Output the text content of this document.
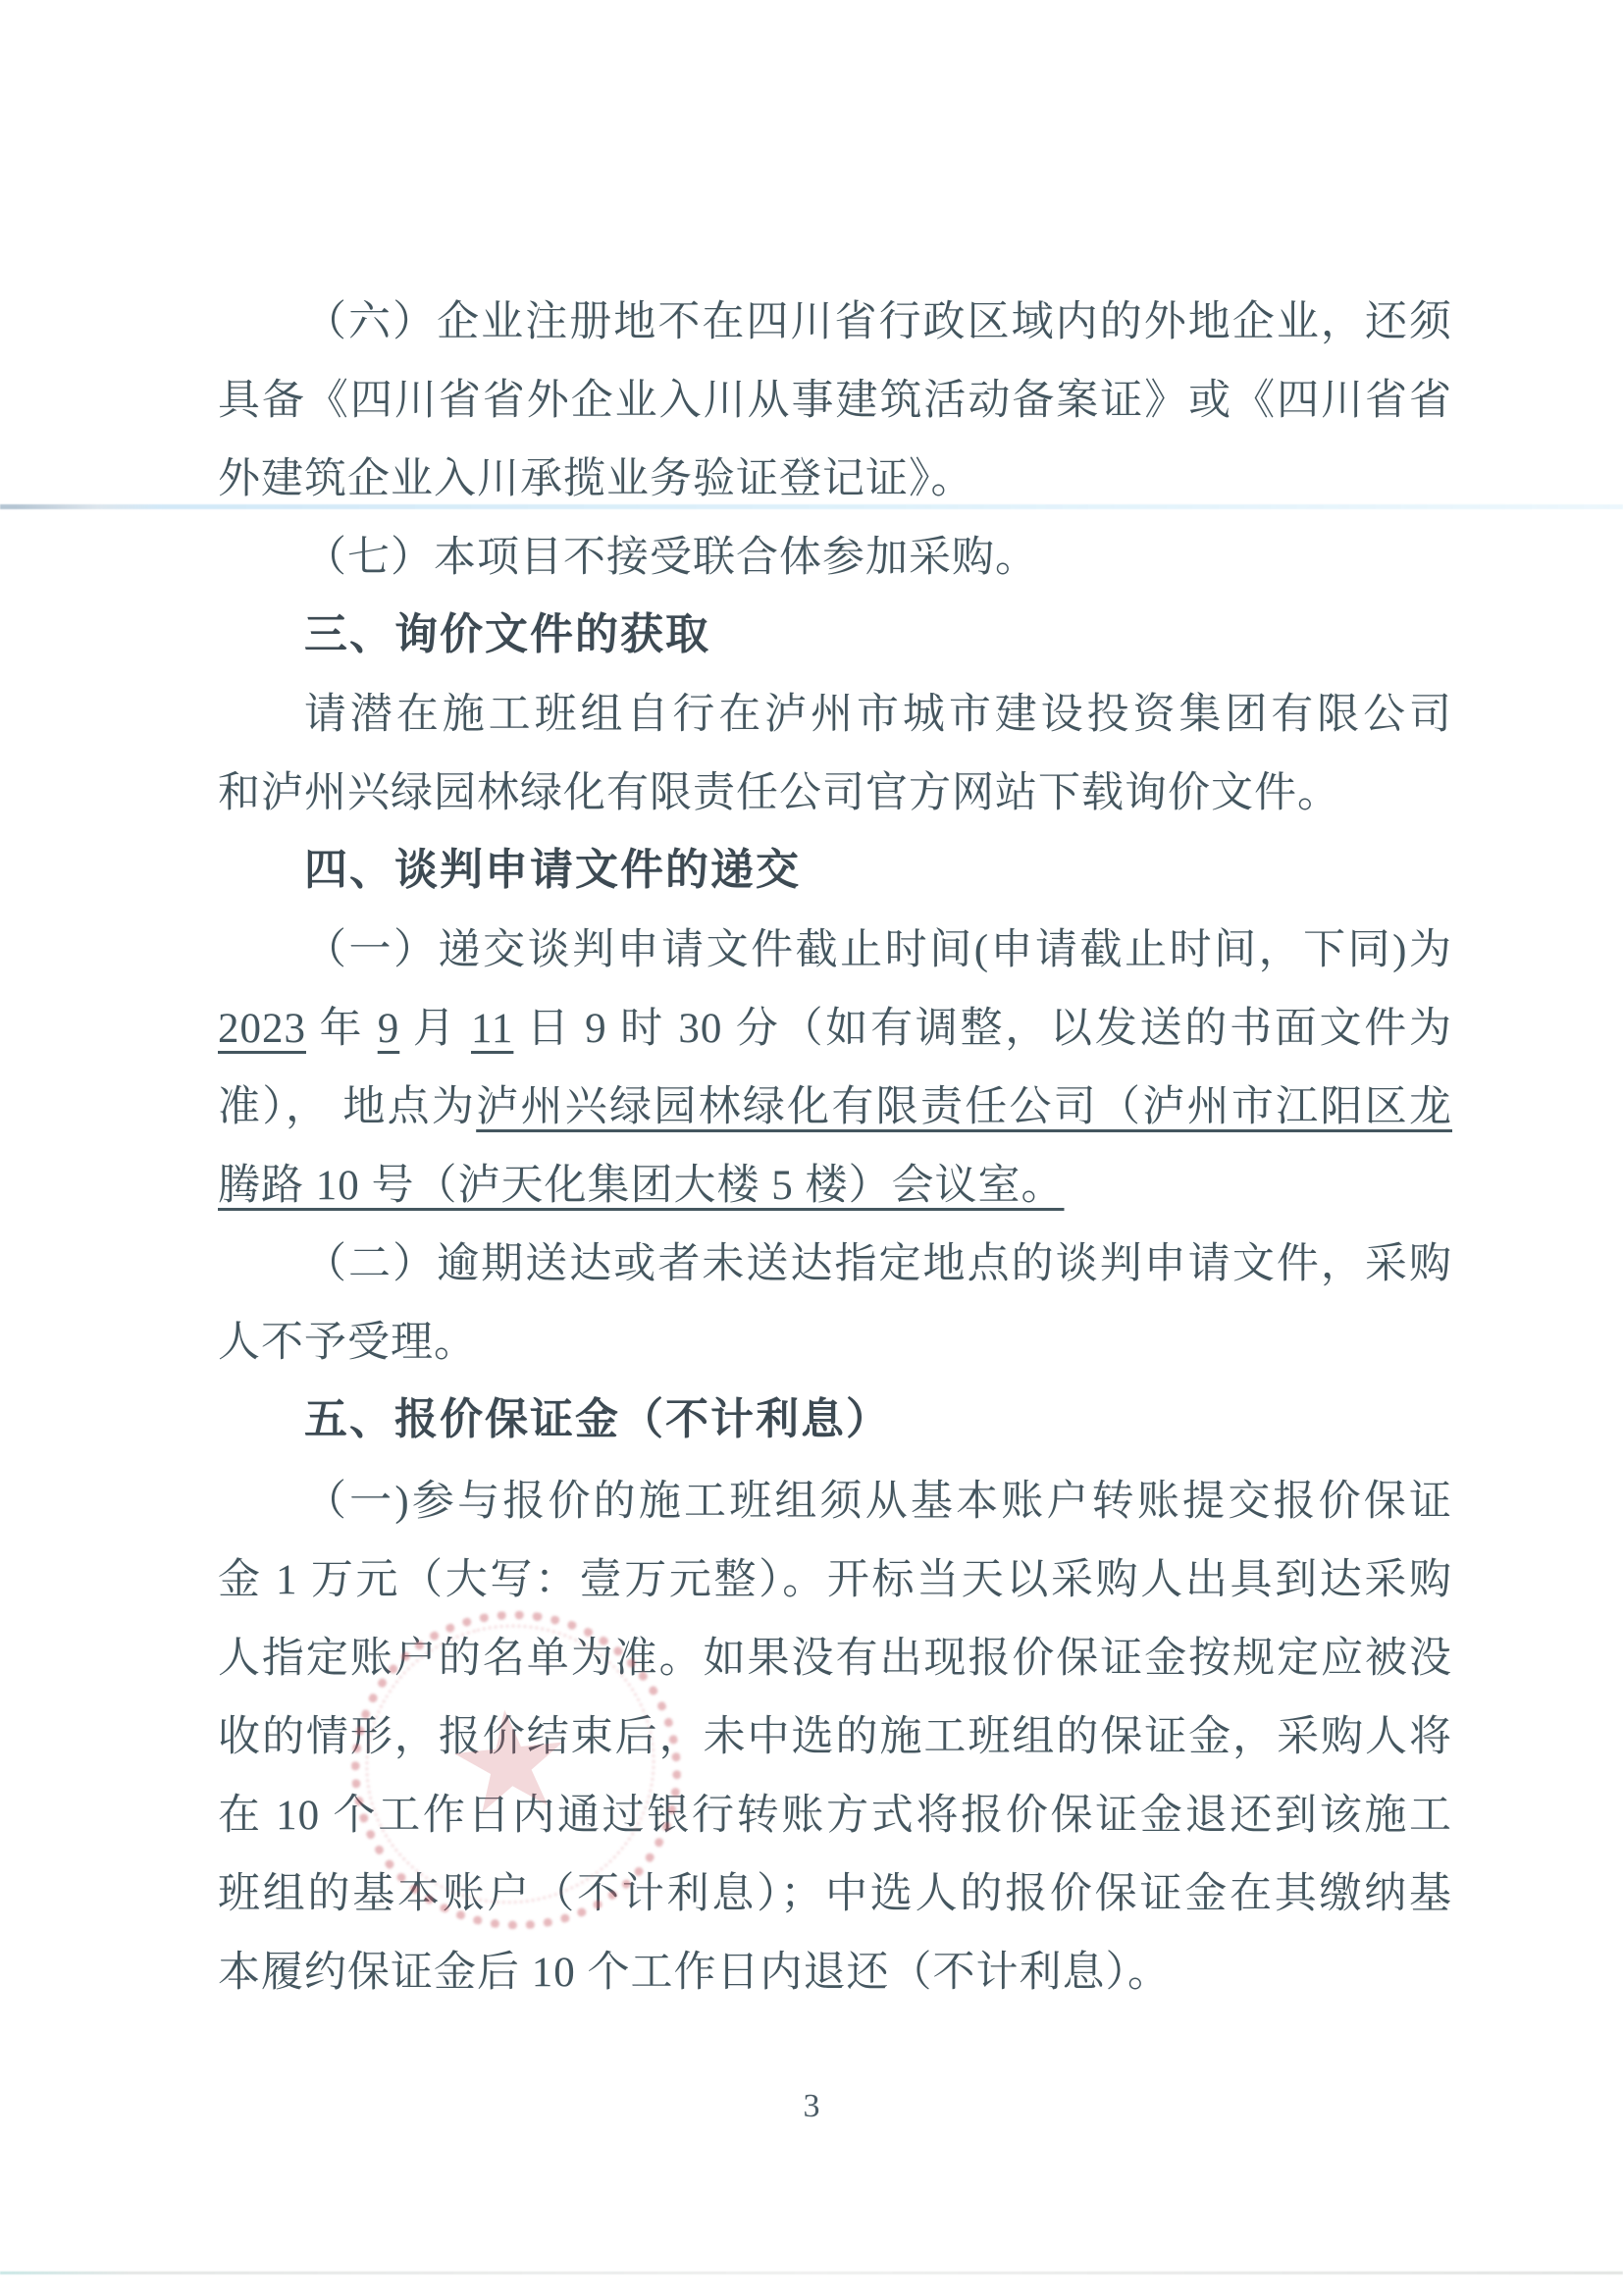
（六）企业注册地不在四川省行政区域内的外地企业，还须
具备《四川省省外企业入川从事建筑活动备案证》或《四川省省
外建筑企业入川承揽业务验证登记证》。
（七）本项目不接受联合体参加采购。
三、询价文件的获取
请潜在施工班组自行在泸州市城市建设投资集团有限公司
和泸州兴绿园林绿化有限责任公司官方网站下载询价文件。
四、谈判申请文件的递交
（一）递交谈判申请文件截止时间(申请截止时间，下同)为
2023 年 9 月 11 日 9 时 30 分（如有调整，以发送的书面文件为
准）， 地点为泸州兴绿园林绿化有限责任公司（泸州市江阳区龙
腾路 10 号（泸天化集团大楼 5 楼）会议室。
（二）逾期送达或者未送达指定地点的谈判申请文件，采购
人不予受理。
五、报价保证金（不计利息）
（一)参与报价的施工班组须从基本账户转账提交报价保证
金 1 万元（大写：壹万元整）。开标当天以采购人出具到达采购
人指定账户的名单为准。如果没有出现报价保证金按规定应被没
收的情形，报价结束后，未中选的施工班组的保证金，采购人将
在 10 个工作日内通过银行转账方式将报价保证金退还到该施工
班组的基本账户（不计利息）；中选人的报价保证金在其缴纳基
本履约保证金后 10 个工作日内退还（不计利息）。
3
